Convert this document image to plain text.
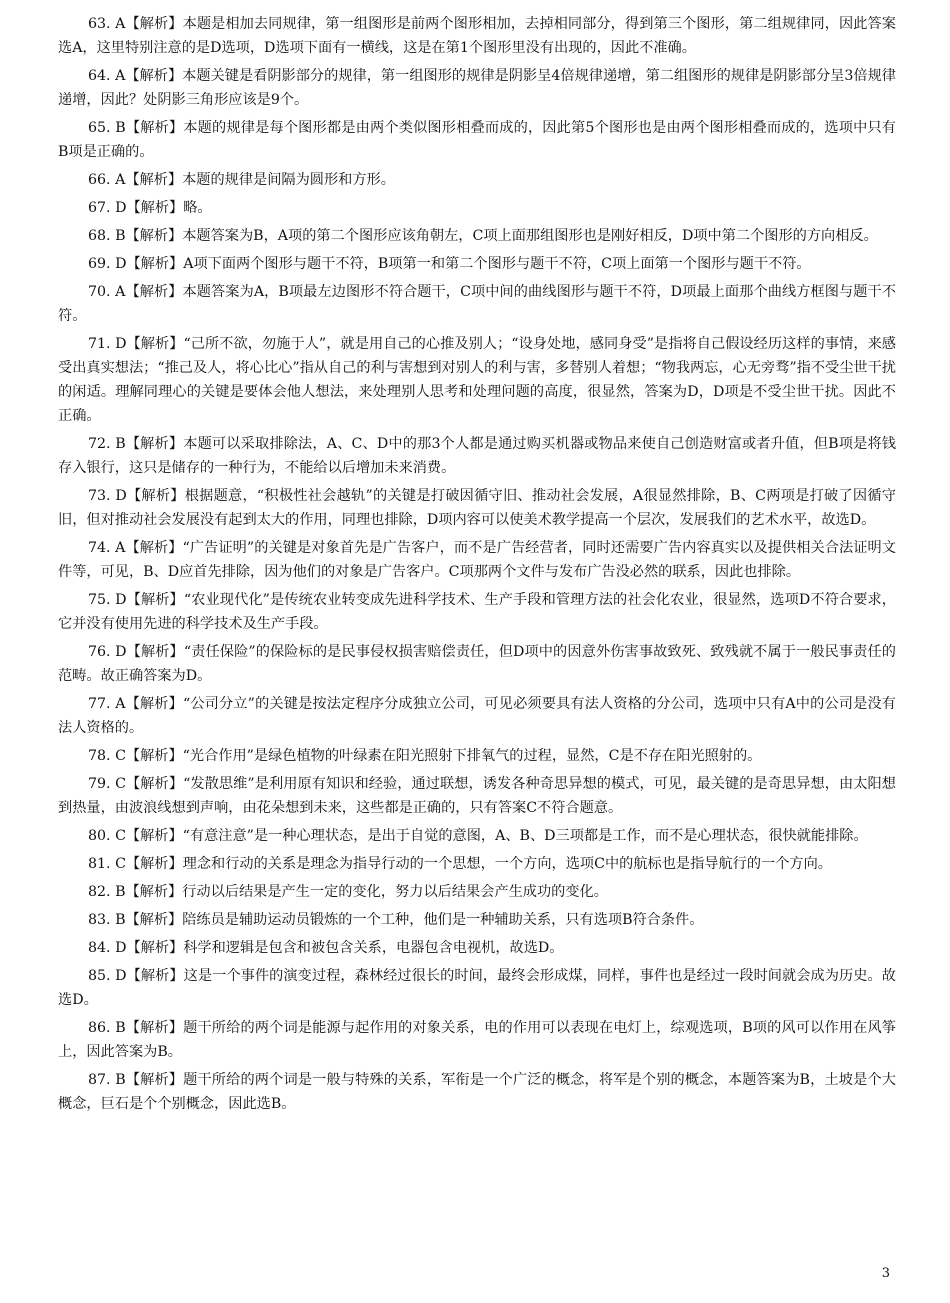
63. A【解析】本题是相加去同规律，第一组图形是前两个图形相加，去掉相同部分，得到第三个图形，第二组规律同，因此答案选A，这里特别注意的是D选项，D选项下面有一横线，这是在第1个图形里没有出现的，因此不准确。

64. A【解析】本题关键是看阴影部分的规律，第一组图形的规律是阴影呈4倍规律递增，第二组图形的规律是阴影部分呈3倍规律递增，因此？处阴影三角形应该是9个。

65. B【解析】本题的规律是每个图形都是由两个类似图形相叠而成的，因此第5个图形也是由两个图形相叠而成的，选项中只有B项是正确的。

66. A【解析】本题的规律是间隔为圆形和方形。

67. D【解析】略。

68. B【解析】本题答案为B，A项的第二个图形应该角朝左，C项上面那组图形也是刚好相反，D项中第二个图形的方向相反。

69. D【解析】A项下面两个图形与题干不符，B项第一和第二个图形与题干不符，C项上面第一个图形与题干不符。

70. A【解析】本题答案为A，B项最左边图形不符合题干，C项中间的曲线图形与题干不符，D项最上面那个曲线方框图与题干不符。

71. D【解析】“己所不欲，勿施于人”，就是用自己的心推及别人；“设身处地，感同身受”是指将自己假设经历这样的事情，来感受出真实想法；“推己及人，将心比心”指从自己的利与害想到对别人的利与害，多替别人着想；“物我两忘，心无旁骛”指不受尘世干扰的闲适。理解同理心的关键是要体会他人想法，来处理别人思考和处理问题的高度，很显然，答案为D，D项是不受尘世干扰。因此不正确。

72. B【解析】本题可以采取排除法，A、C、D中的那3个人都是通过购买机器或物品来使自己创造财富或者升值，但B项是将钱存入银行，这只是储存的一种行为，不能给以后增加未来消费。

73. D【解析】根据题意，“积极性社会越轨”的关键是打破因循守旧、推动社会发展，A很显然排除，B、C两项是打破了因循守旧，但对推动社会发展没有起到太大的作用，同理也排除，D项内容可以使美术教学提高一个层次，发展我们的艺术水平，故选D。

74. A【解析】“广告证明”的关键是对象首先是广告客户，而不是广告经营者，同时还需要广告内容真实以及提供相关合法证明文件等，可见，B、D应首先排除，因为他们的对象是广告客户。C项那两个文件与发布广告没必然的联系，因此也排除。

75. D【解析】“农业现代化”是传统农业转变成先进科学技术、生产手段和管理方法的社会化农业，很显然，选项D不符合要求，它并没有使用先进的科学技术及生产手段。

76. D【解析】“责任保险”的保险标的是民事侵权损害赔偿责任，但D项中的因意外伤害事故致死、致残就不属于一般民事责任的范畴。故正确答案为D。

77. A【解析】“公司分立”的关键是按法定程序分成独立公司，可见必须要具有法人资格的分公司，选项中只有A中的公司是没有法人资格的。

78. C【解析】“光合作用”是绿色植物的叶绿素在阳光照射下排氧气的过程，显然，C是不存在阳光照射的。

79. C【解析】“发散思维”是利用原有知识和经验，通过联想，诱发各种奇思异想的模式，可见，最关键的是奇思异想，由太阳想到热量，由波浪线想到声响，由花朵想到未来，这些都是正确的，只有答案C不符合题意。

80. C【解析】“有意注意”是一种心理状态，是出于自觉的意图，A、B、D三项都是工作，而不是心理状态，很快就能排除。

81. C【解析】理念和行动的关系是理念为指导行动的一个思想，一个方向，选项C中的航标也是指导航行的一个方向。

82. B【解析】行动以后结果是产生一定的变化，努力以后结果会产生成功的变化。

83. B【解析】陪练员是辅助运动员锻炼的一个工种，他们是一种辅助关系，只有选项B符合条件。

84. D【解析】科学和逻辑是包含和被包含关系，电器包含电视机，故选D。

85. D【解析】这是一个事件的演变过程，森林经过很长的时间，最终会形成煤，同样，事件也是经过一段时间就会成为历史。故选D。

86. B【解析】题干所给的两个词是能源与起作用的对象关系，电的作用可以表现在电灯上，综观选项，B项的风可以作用在风筝上，因此答案为B。

87. B【解析】题干所给的两个词是一般与特殊的关系，军衔是一个广泛的概念，将军是个别的概念，本题答案为B，土坡是个大概念，巨石是个个别概念，因此选B。

3
